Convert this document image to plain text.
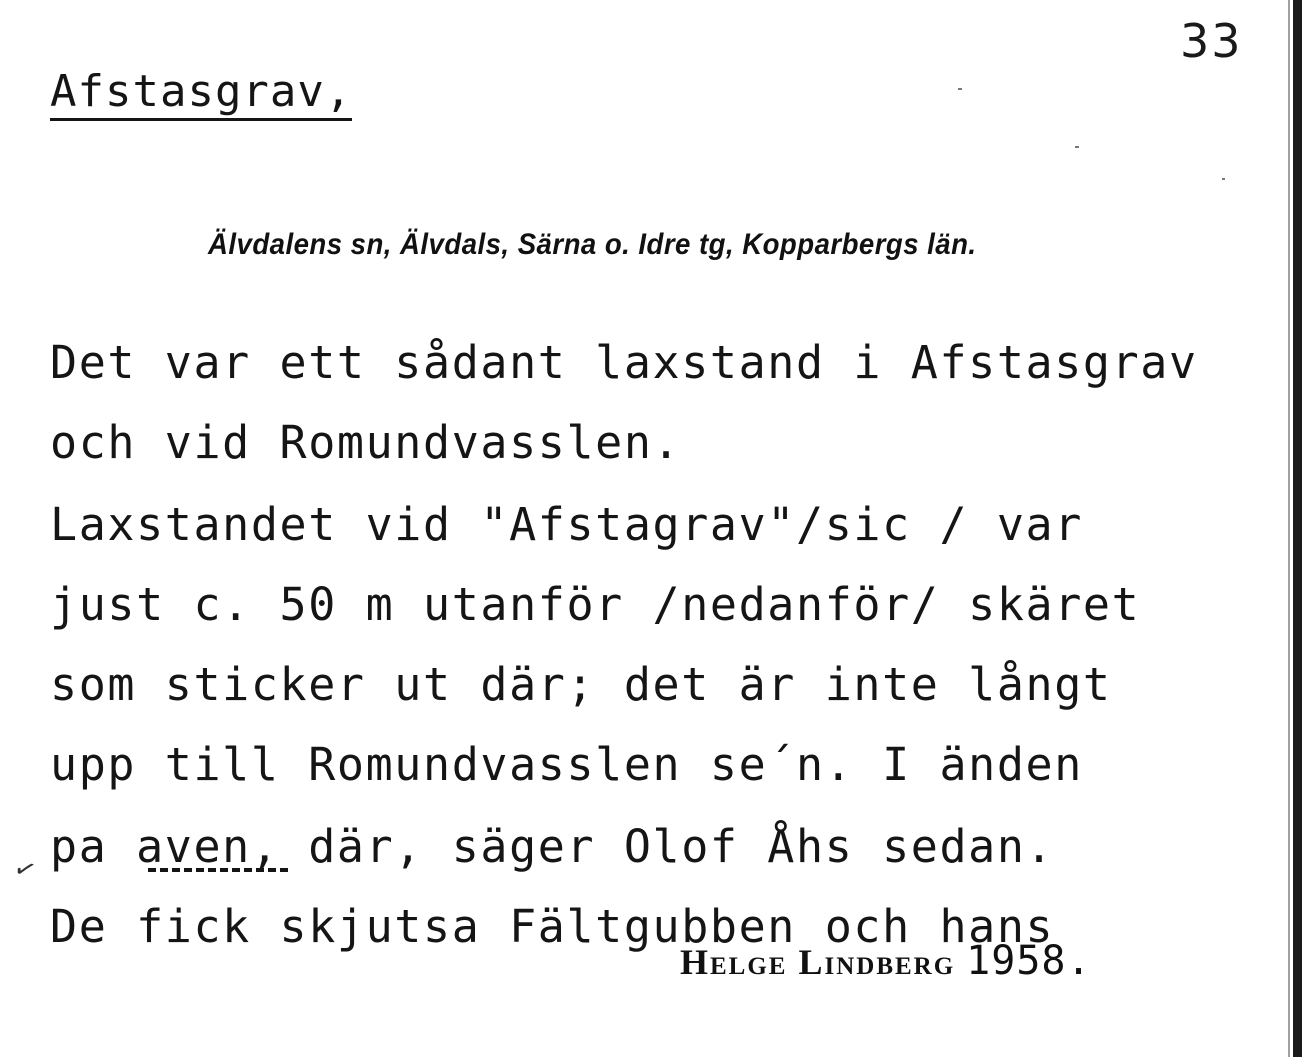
33
Afstasgrav,
Älvdalens sn, Älvdals, Särna o. Idre tg, Kopparbergs län.
Det var ett sådant laxstand i Afstasgrav
och vid Romundvasslen.
Laxstandet vid "Afstagrav"/sic / var
just c. 50 m utanför /nedanför/ skäret
som sticker ut där; det är inte långt
upp till Romundvasslen se´n. I änden
pa aven, där, säger Olof Åhs sedan.
De fick skjutsa Fältgubben och hans
✓
Helge Lindberg 1958.
